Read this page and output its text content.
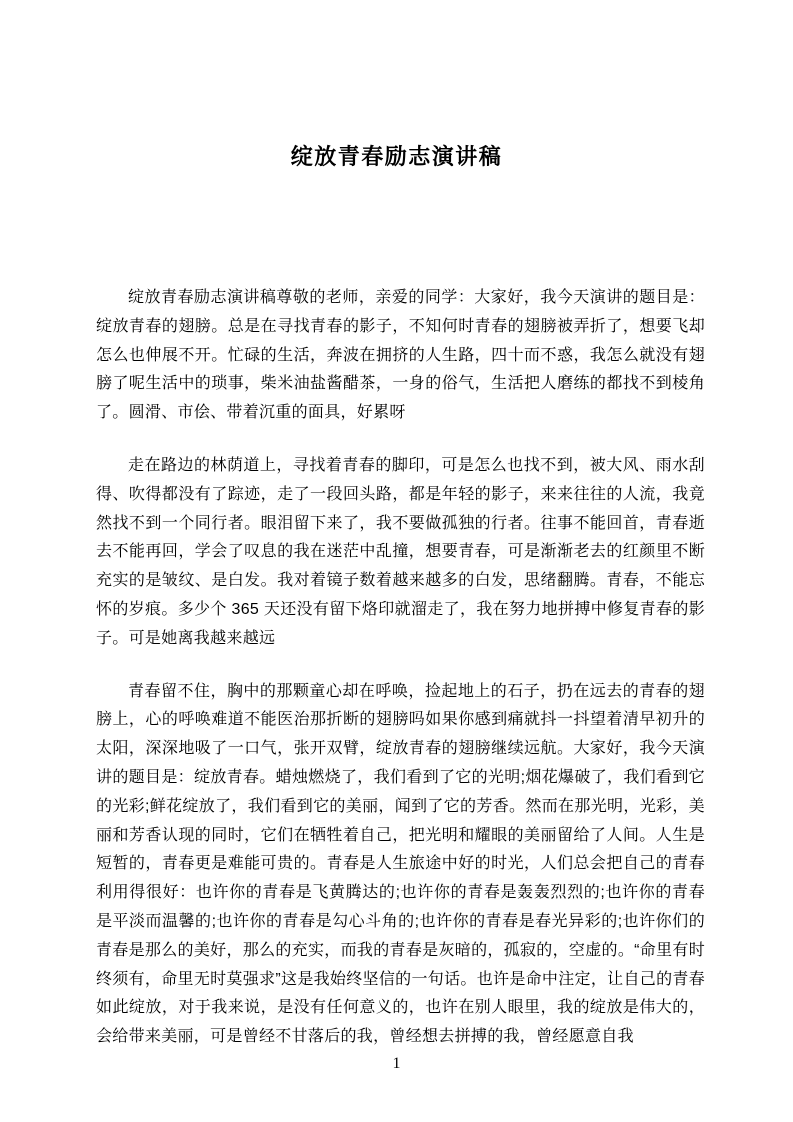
绽放青春励志演讲稿

绽放青春励志演讲稿尊敬的老师，亲爱的同学：大家好，我今天演讲的题目是：绽放青春的翅膀。总是在寻找青春的影子，不知何时青春的翅膀被弄折了，想要飞却怎么也伸展不开。忙碌的生活，奔波在拥挤的人生路，四十而不惑，我怎么就没有翅膀了呢生活中的琐事，柴米油盐酱醋茶，一身的俗气，生活把人磨练的都找不到棱角了。圆滑、市侩、带着沉重的面具，好累呀

走在路边的林荫道上，寻找着青春的脚印，可是怎么也找不到，被大风、雨水刮得、吹得都没有了踪迹，走了一段回头路，都是年轻的影子，来来往往的人流，我竟然找不到一个同行者。眼泪留下来了，我不要做孤独的行者。往事不能回首，青春逝去不能再回，学会了叹息的我在迷茫中乱撞，想要青春，可是渐渐老去的红颜里不断充实的是皱纹、是白发。我对着镜子数着越来越多的白发，思绪翻腾。青春，不能忘怀的岁痕。多少个 365 天还没有留下烙印就溜走了，我在努力地拼搏中修复青春的影子。可是她离我越来越远

青春留不住，胸中的那颗童心却在呼唤，捡起地上的石子，扔在远去的青春的翅膀上，心的呼唤难道不能医治那折断的翅膀吗如果你感到痛就抖一抖望着清早初升的太阳，深深地吸了一口气，张开双臂，绽放青春的翅膀继续远航。大家好，我今天演讲的题目是：绽放青春。蜡烛燃烧了，我们看到了它的光明;烟花爆破了，我们看到它的光彩;鲜花绽放了，我们看到它的美丽，闻到了它的芳香。然而在那光明，光彩，美丽和芳香认现的同时，它们在牺牲着自己，把光明和耀眼的美丽留给了人间。人生是短暂的，青春更是难能可贵的。青春是人生旅途中好的时光，人们总会把自己的青春利用得很好：也许你的青春是飞黄腾达的;也许你的青春是轰轰烈烈的;也许你的青春是平淡而温馨的;也许你的青春是勾心斗角的;也许你的青春是春光异彩的;也许你们的青春是那么的美好，那么的充实，而我的青春是灰暗的，孤寂的，空虚的。“命里有时终须有，命里无时莫强求”这是我始终坚信的一句话。也许是命中注定，让自己的青春如此绽放，对于我来说，是没有任何意义的，也许在别人眼里，我的绽放是伟大的，会给带来美丽，可是曾经不甘落后的我，曾经想去拼搏的我，曾经愿意自我

1
